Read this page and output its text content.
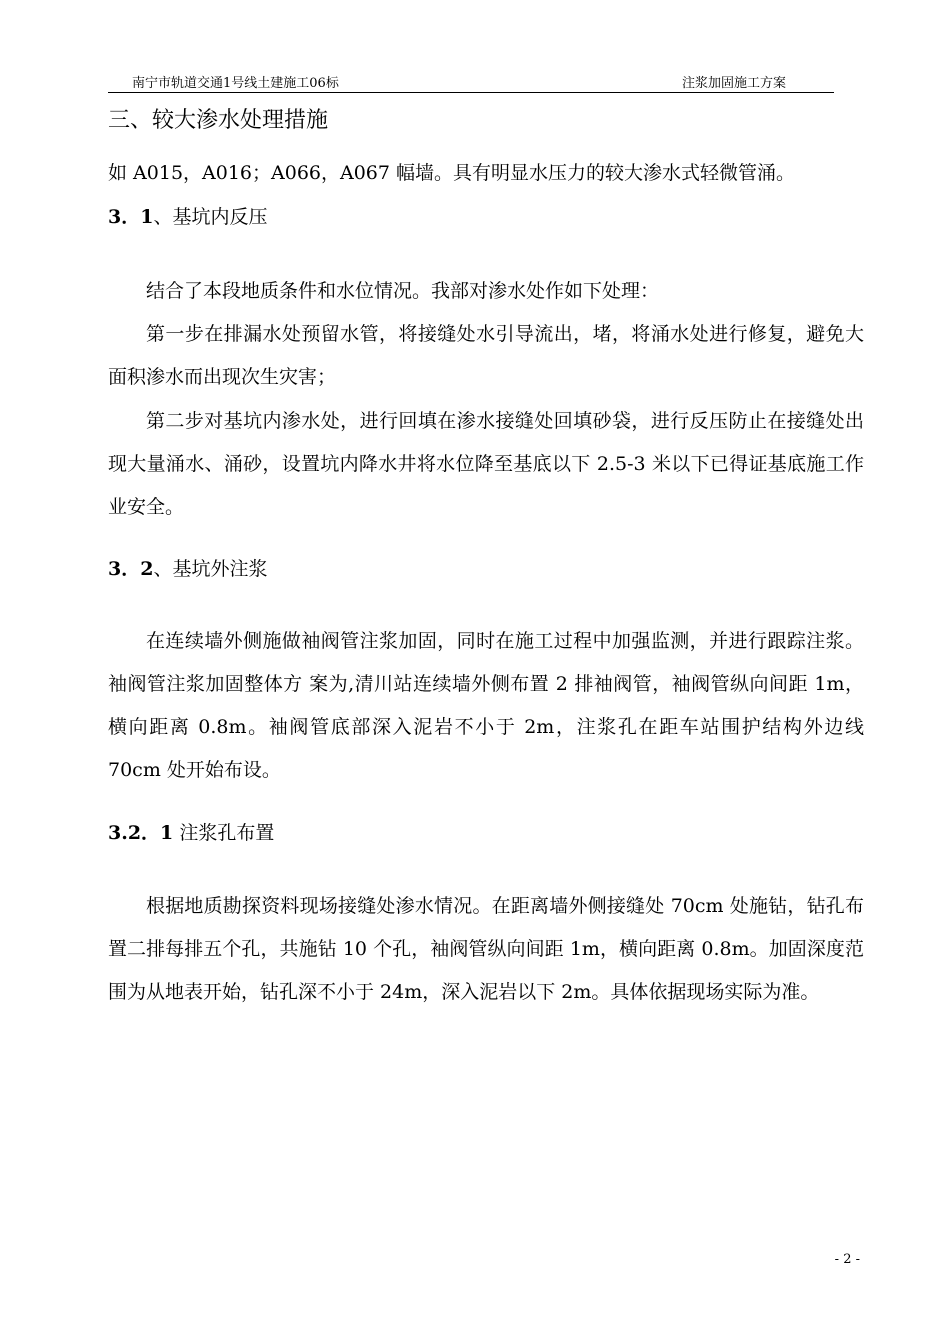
南宁市轨道交通1号线土建施工06标	注浆加固施工方案
三、较大渗水处理措施

如 A015，A016；A066，A067 幅墙。具有明显水压力的较大渗水式轻微管涌。

3．1、基坑内反压

结合了本段地质条件和水位情况。我部对渗水处作如下处理：

第一步在排漏水处预留水管，将接缝处水引导流出，堵，将涌水处进行修复，避免大面积渗水而出现次生灾害；

第二步对基坑内渗水处，进行回填在渗水接缝处回填砂袋，进行反压防止在接缝处出现大量涌水、涌砂，设置坑内降水井将水位降至基底以下 2.5-3 米以下已得证基底施工作业安全。

3．2、基坑外注浆

在连续墙外侧施做袖阀管注浆加固，同时在施工过程中加强监测，并进行跟踪注浆。袖阀管注浆加固整体方 案为,清川站连续墙外侧布置 2 排袖阀管，袖阀管纵向间距 1m，横向距离 0.8m。袖阀管底部深入泥岩不小于 2m，注浆孔在距车站围护结构外边线 70cm 处开始布设。

3.2．1 注浆孔布置

根据地质勘探资料现场接缝处渗水情况。在距离墙外侧接缝处 70cm 处施钻，钻孔布置二排每排五个孔，共施钻 10 个孔，袖阀管纵向间距 1m，横向距离 0.8m。加固深度范围为从地表开始，钻孔深不小于 24m，深入泥岩以下 2m。具体依据现场实际为准。

- 2 -
